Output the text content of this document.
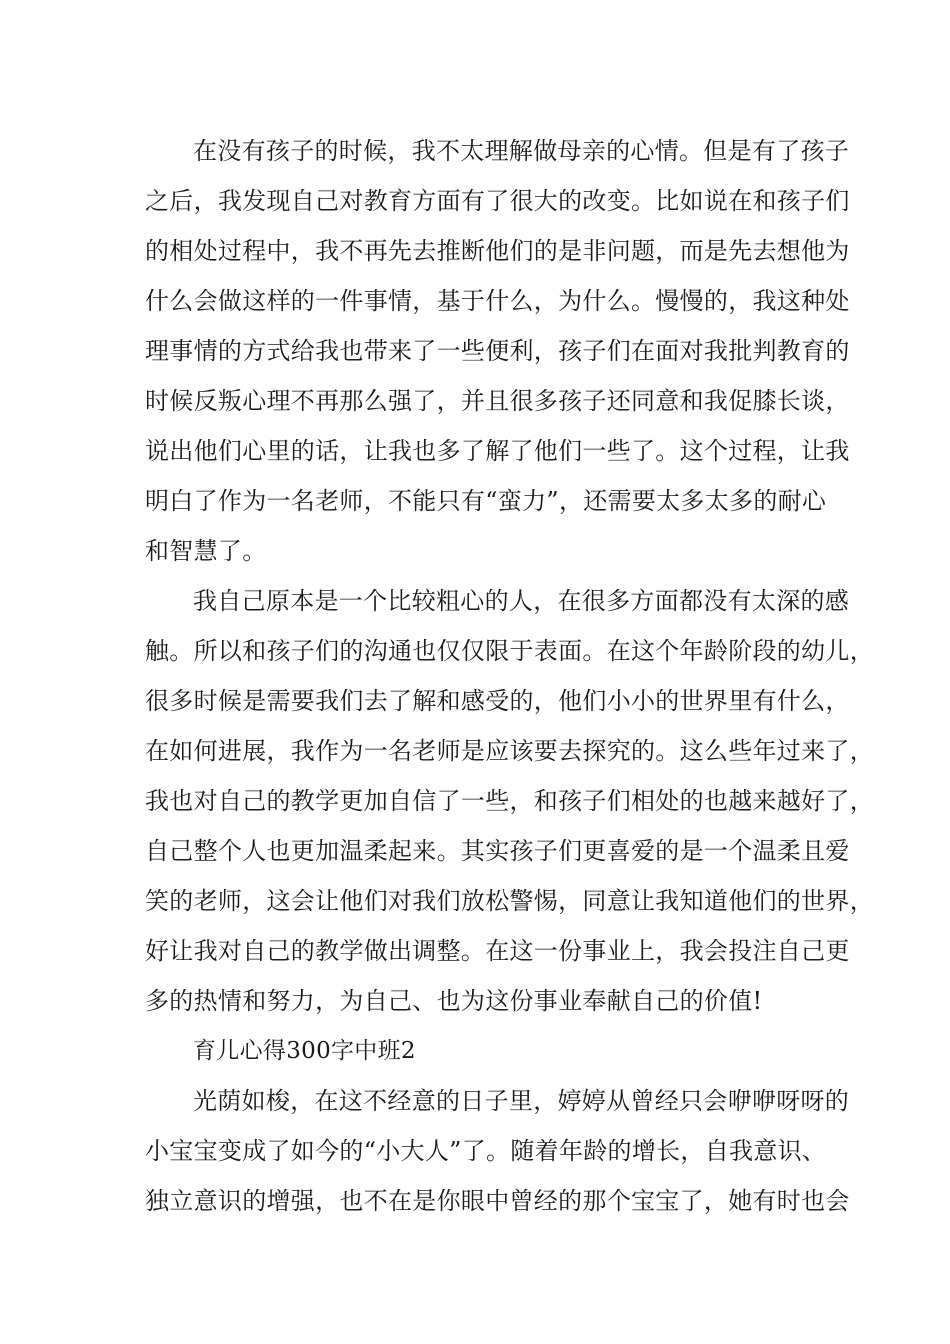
在没有孩子的时候，我不太理解做母亲的心情。但是有了孩子
之后，我发现自己对教育方面有了很大的改变。比如说在和孩子们
的相处过程中，我不再先去推断他们的是非问题，而是先去想他为
什么会做这样的一件事情，基于什么，为什么。慢慢的，我这种处
理事情的方式给我也带来了一些便利，孩子们在面对我批判教育的
时候反叛心理不再那么强了，并且很多孩子还同意和我促膝长谈，
说出他们心里的话，让我也多了解了他们一些了。这个过程，让我
明白了作为一名老师，不能只有“蛮力”，还需要太多太多的耐心
和智慧了。
我自己原本是一个比较粗心的人，在很多方面都没有太深的感
触。所以和孩子们的沟通也仅仅限于表面。在这个年龄阶段的幼儿，
很多时候是需要我们去了解和感受的，他们小小的世界里有什么，
在如何进展，我作为一名老师是应该要去探究的。这么些年过来了，
我也对自己的教学更加自信了一些，和孩子们相处的也越来越好了，
自己整个人也更加温柔起来。其实孩子们更喜爱的是一个温柔且爱
笑的老师，这会让他们对我们放松警惕，同意让我知道他们的世界，
好让我对自己的教学做出调整。在这一份事业上，我会投注自己更
多的热情和努力，为自己、也为这份事业奉献自己的价值!
育儿心得300字中班2
光荫如梭，在这不经意的日子里，婷婷从曾经只会咿咿呀呀的
小宝宝变成了如今的“小大人”了。随着年龄的增长，自我意识、
独立意识的增强，也不在是你眼中曾经的那个宝宝了，她有时也会
